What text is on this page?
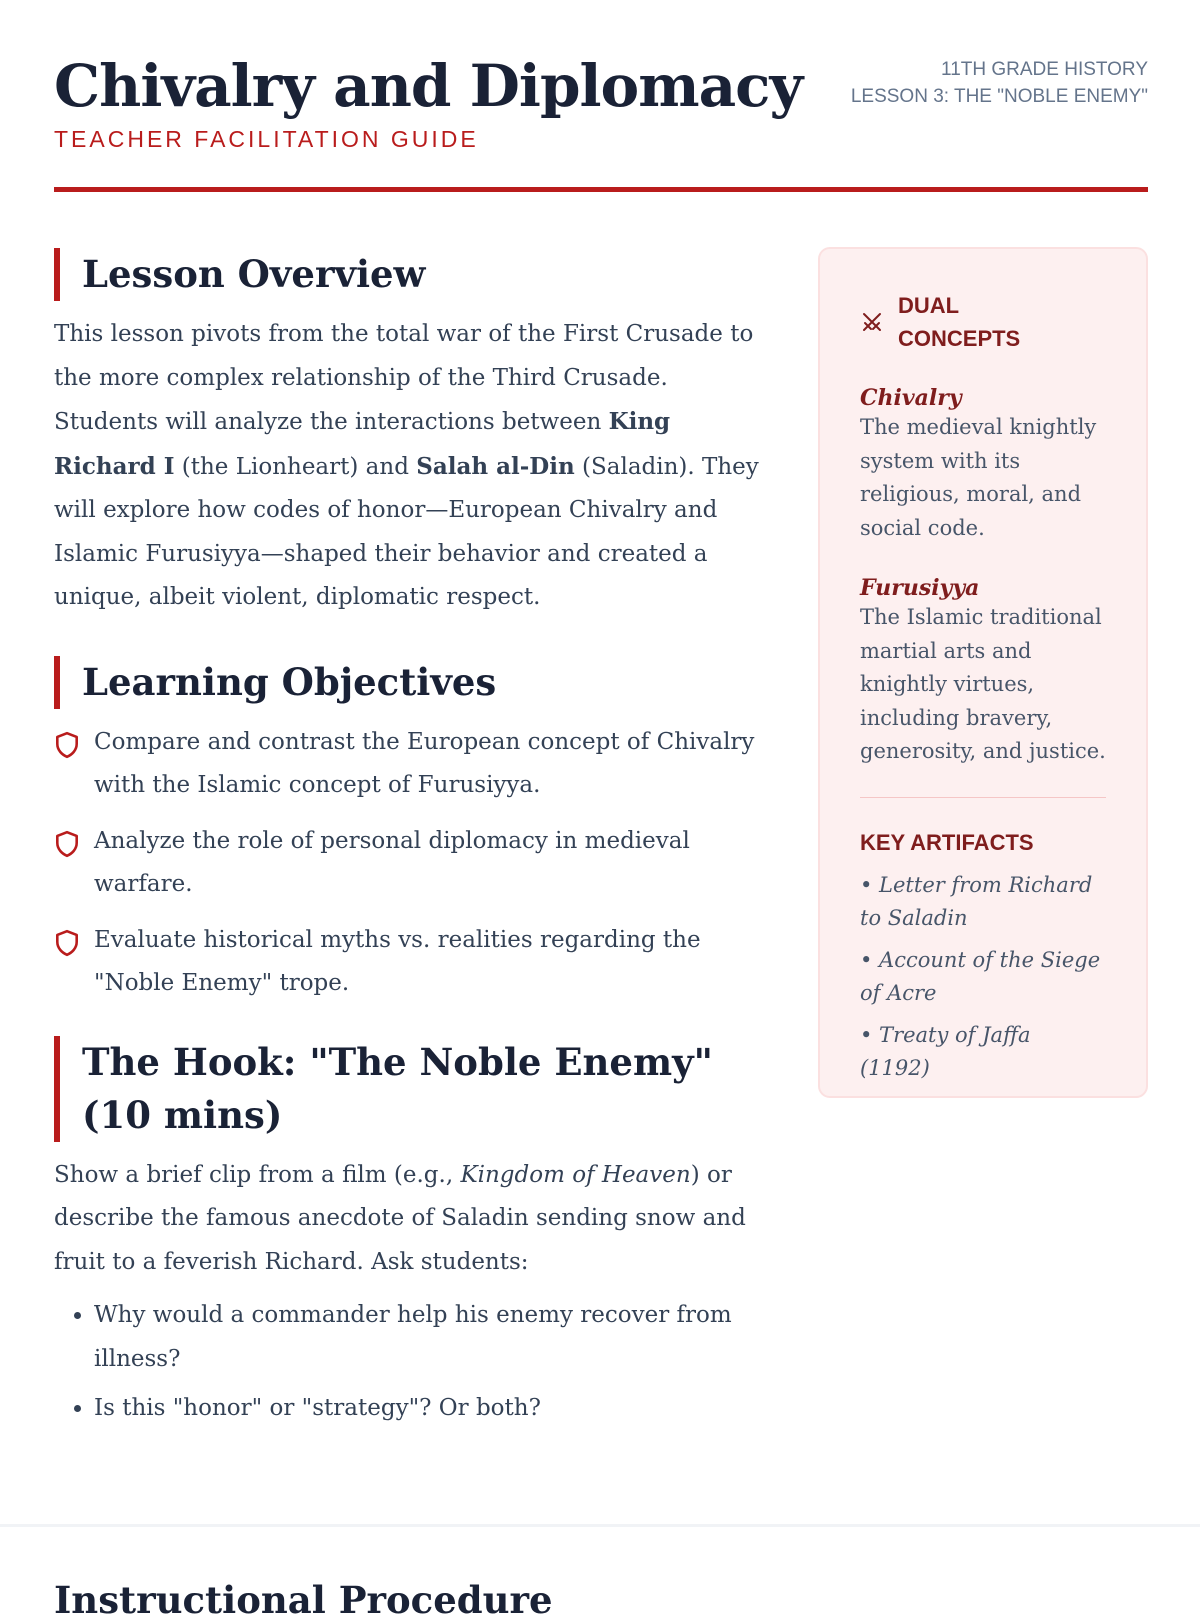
Chivalry and Diplomacy
TEACHER FACILITATION GUIDE
11TH GRADE HISTORY
LESSON 3: THE "NOBLE ENEMY"
Lesson Overview

This lesson pivots from the total war of the First Crusade to the more complex relationship of the Third Crusade. Students will analyze the interactions between King Richard I (the Lionheart) and Salah al-Din (Saladin). They will explore how codes of honor—European Chivalry and Islamic Furusiyya—shaped their behavior and created a unique, albeit violent, diplomatic respect.

Learning Objectives
Compare and contrast the European concept of Chivalry with the Islamic concept of Furusiyya.
Analyze the role of personal diplomacy in medieval warfare.
Evaluate historical myths vs. realities regarding the "Noble Enemy" trope.
The Hook: "The Noble Enemy" (10 mins)

Show a brief clip from a film (e.g., Kingdom of Heaven) or describe the famous anecdote of Saladin sending snow and fruit to a feverish Richard. Ask students:

• Why would a commander help his enemy recover from illness?
• Is this "honor" or "strategy"? Or both?
DUAL CONCEPTS
Chivalry
The medieval knightly system with its religious, moral, and social code.
Furusiyya
The Islamic traditional martial arts and knightly virtues, including bravery, generosity, and justice.
KEY ARTIFACTS
• Letter from Richard to Saladin
• Account of the Siege of Acre
• Treaty of Jaffa (1192)
Instructional Procedure
